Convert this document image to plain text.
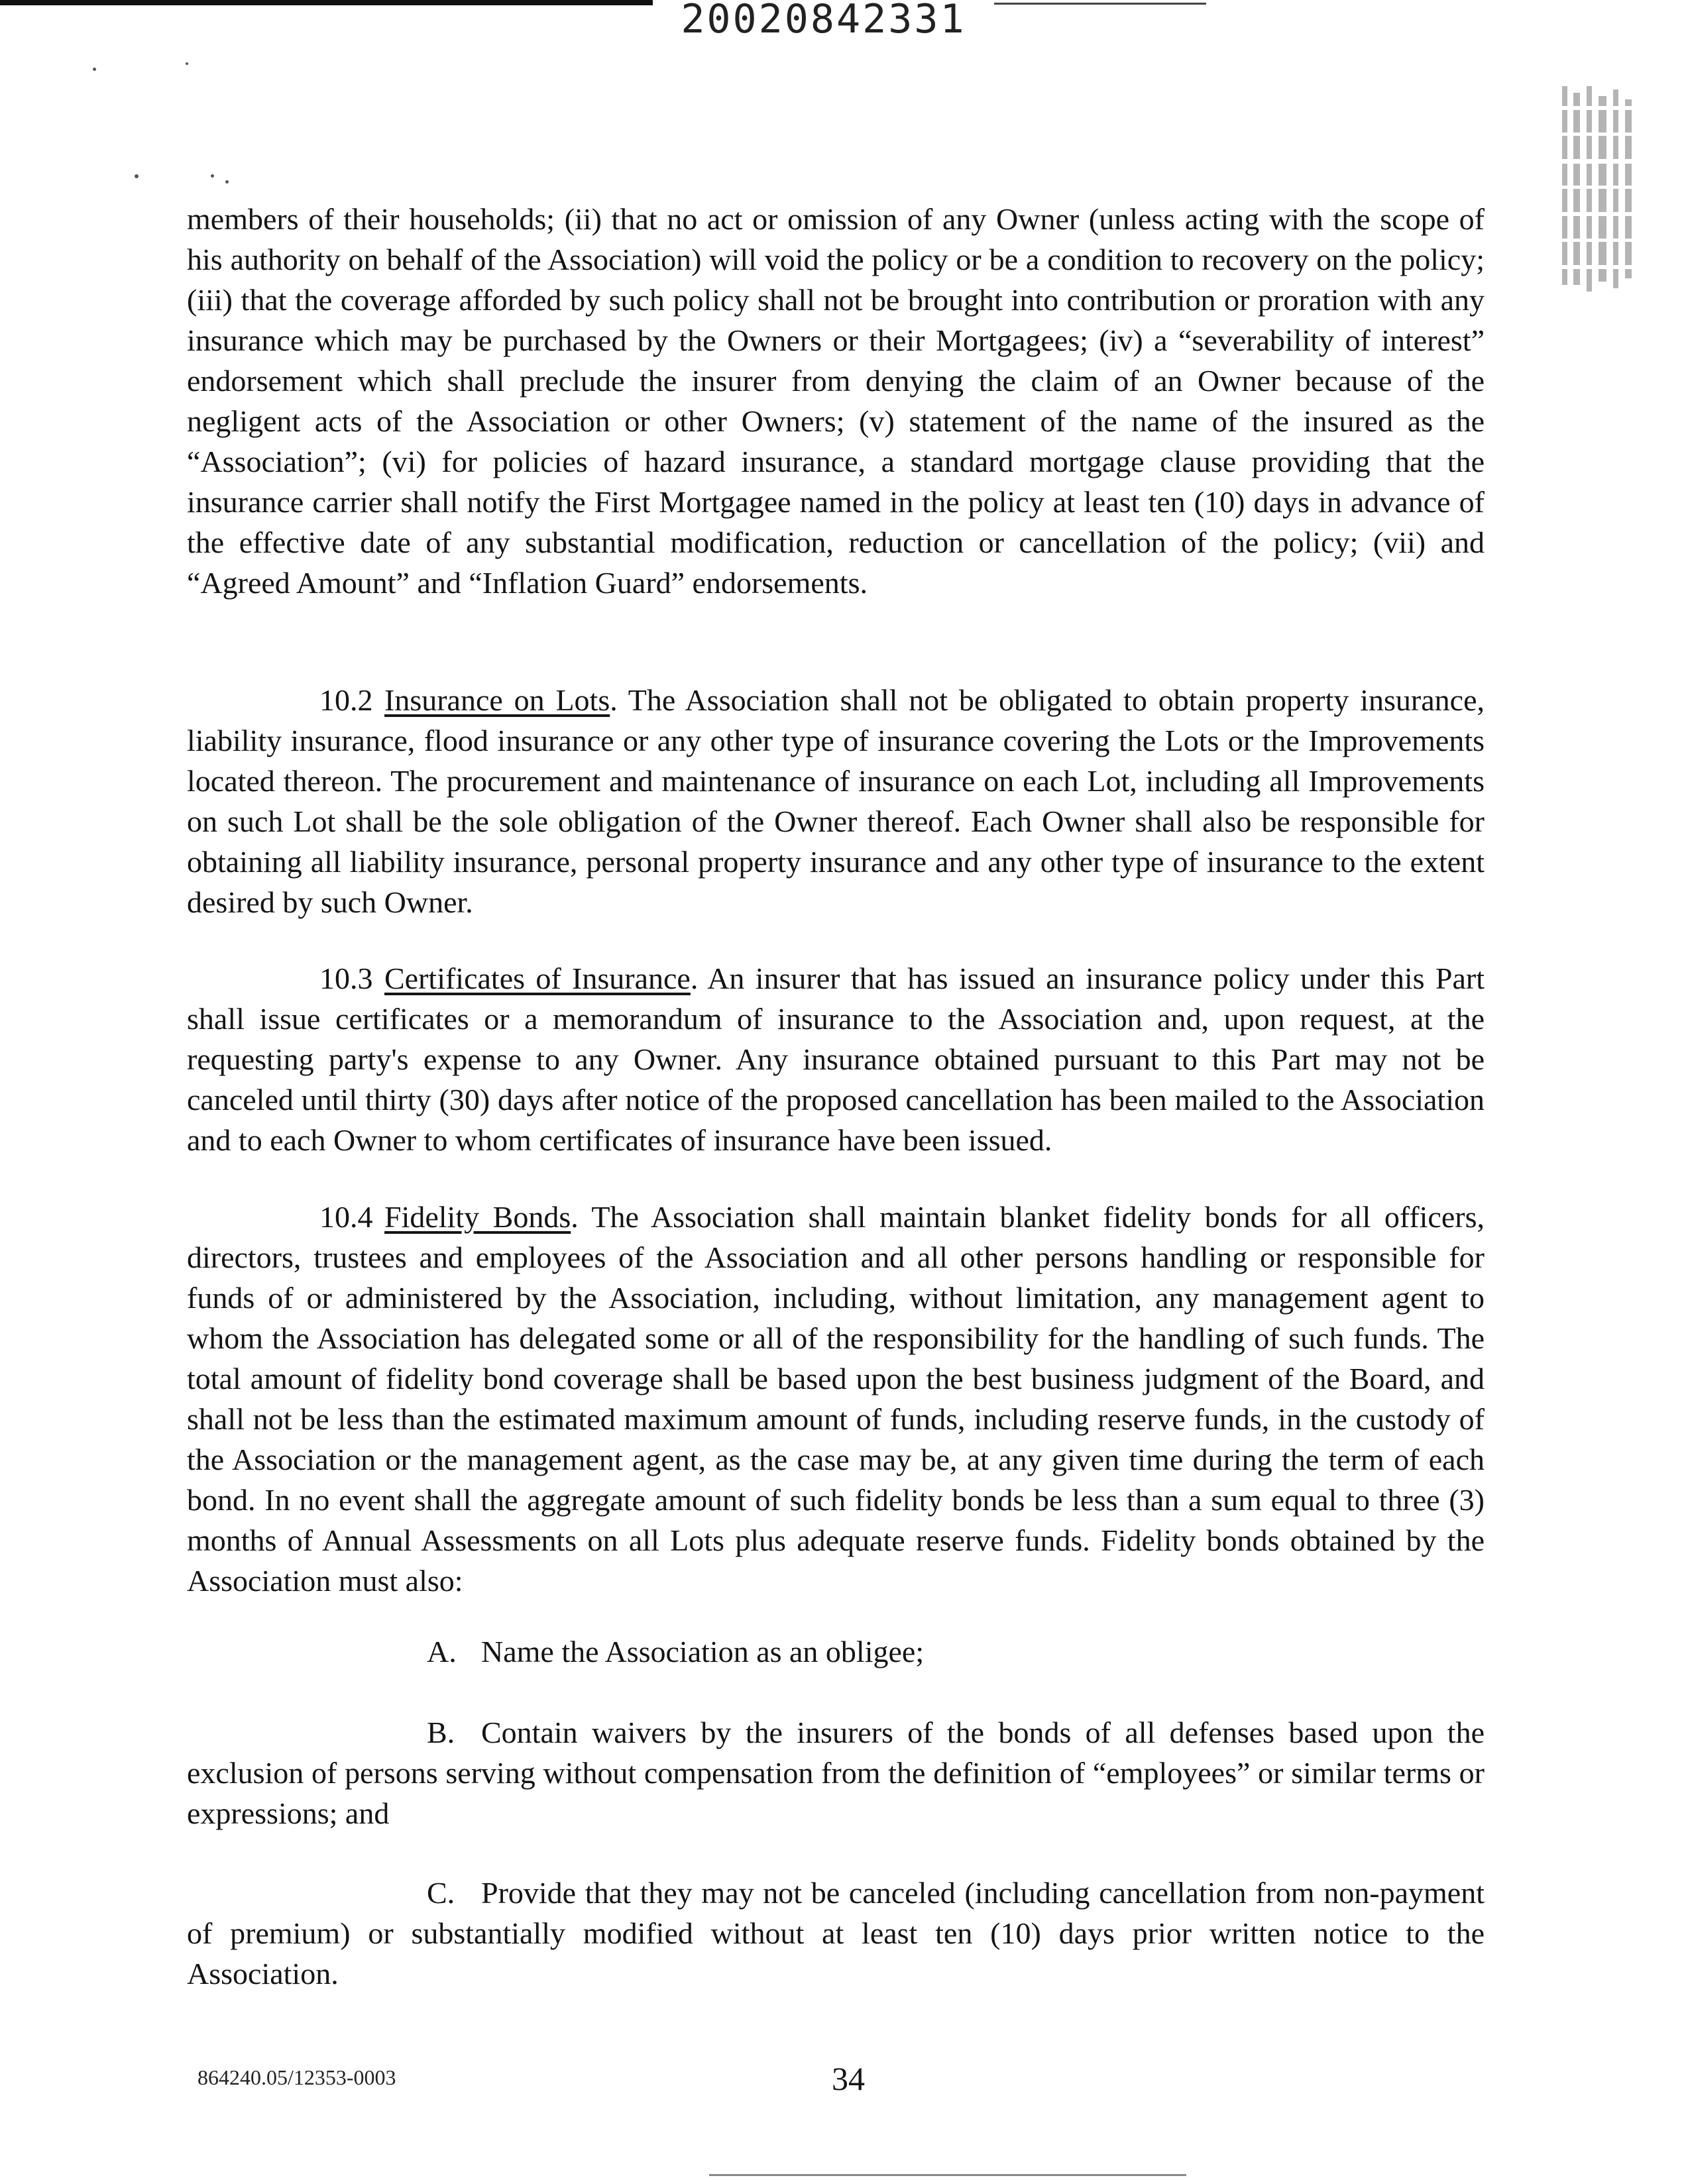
20020842331

members of their households; (ii) that no act or omission of any Owner (unless acting with the scope of his authority on behalf of the Association) will void the policy or be a condition to recovery on the policy; (iii) that the coverage afforded by such policy shall not be brought into contribution or proration with any insurance which may be purchased by the Owners or their Mortgagees; (iv) a “severability of interest” endorsement which shall preclude the insurer from denying the claim of an Owner because of the negligent acts of the Association or other Owners; (v) statement of the name of the insured as the “Association”; (vi) for policies of hazard insurance, a standard mortgage clause providing that the insurance carrier shall notify the First Mortgagee named in the policy at least ten (10) days in advance of the effective date of any substantial modification, reduction or cancellation of the policy; (vii) and “Agreed Amount” and “Inflation Guard” endorsements.

10.2 Insurance on Lots. The Association shall not be obligated to obtain property insurance, liability insurance, flood insurance or any other type of insurance covering the Lots or the Improvements located thereon. The procurement and maintenance of insurance on each Lot, including all Improvements on such Lot shall be the sole obligation of the Owner thereof. Each Owner shall also be responsible for obtaining all liability insurance, personal property insurance and any other type of insurance to the extent desired by such Owner.

10.3 Certificates of Insurance. An insurer that has issued an insurance policy under this Part shall issue certificates or a memorandum of insurance to the Association and, upon request, at the requesting party's expense to any Owner. Any insurance obtained pursuant to this Part may not be canceled until thirty (30) days after notice of the proposed cancellation has been mailed to the Association and to each Owner to whom certificates of insurance have been issued.

10.4 Fidelity Bonds. The Association shall maintain blanket fidelity bonds for all officers, directors, trustees and employees of the Association and all other persons handling or responsible for funds of or administered by the Association, including, without limitation, any management agent to whom the Association has delegated some or all of the responsibility for the handling of such funds. The total amount of fidelity bond coverage shall be based upon the best business judgment of the Board, and shall not be less than the estimated maximum amount of funds, including reserve funds, in the custody of the Association or the management agent, as the case may be, at any given time during the term of each bond. In no event shall the aggregate amount of such fidelity bonds be less than a sum equal to three (3) months of Annual Assessments on all Lots plus adequate reserve funds. Fidelity bonds obtained by the Association must also:

A. Name the Association as an obligee;

B. Contain waivers by the insurers of the bonds of all defenses based upon the exclusion of persons serving without compensation from the definition of “employees” or similar terms or expressions; and

C. Provide that they may not be canceled (including cancellation from non-payment of premium) or substantially modified without at least ten (10) days prior written notice to the Association.

864240.05/12353-0003	34
